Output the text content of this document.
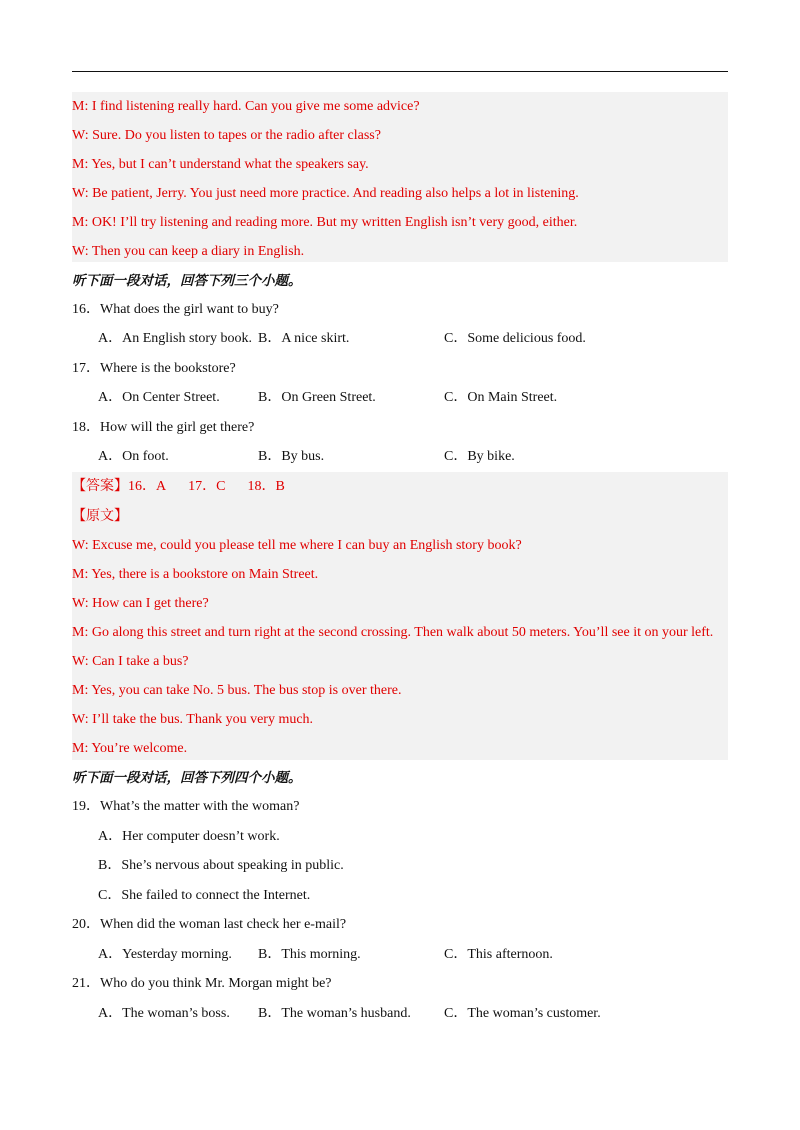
M: I find listening really hard. Can you give me some advice?
W: Sure. Do you listen to tapes or the radio after class?
M: Yes, but I can’t understand what the speakers say.
W: Be patient, Jerry. You just need more practice. And reading also helps a lot in listening.
M: OK! I’ll try listening and reading more. But my written English isn’t very good, either.
W: Then you can keep a diary in English.
听下面一段对话，回答下列三个小题。
16．What does the girl want to buy?
A．An English story book. B．A nice skirt.	C．Some delicious food.
17．Where is the bookstore?
A．On Center Street.	B．On Green Street.	C．On Main Street.
18．How will the girl get there?
A．On foot.	B．By bus.	C．By bike.
【答案】16．A 17．C 18．B
【原文】
W: Excuse me, could you please tell me where I can buy an English story book?
M: Yes, there is a bookstore on Main Street.
W: How can I get there?
M: Go along this street and turn right at the second crossing. Then walk about 50 meters. You’ll see it on your left.
W: Can I take a bus?
M: Yes, you can take No. 5 bus. The bus stop is over there.
W: I’ll take the bus. Thank you very much.
M: You’re welcome.
听下面一段对话，回答下列四个小题。
19．What’s the matter with the woman?
A．Her computer doesn’t work.
B．She’s nervous about speaking in public.
C．She failed to connect the Internet.
20．When did the woman last check her e-mail?
A．Yesterday morning. B．This morning.	C．This afternoon.
21．Who do you think Mr. Morgan might be?
A．The woman’s boss. B．The woman’s husband. C．The woman’s customer.
